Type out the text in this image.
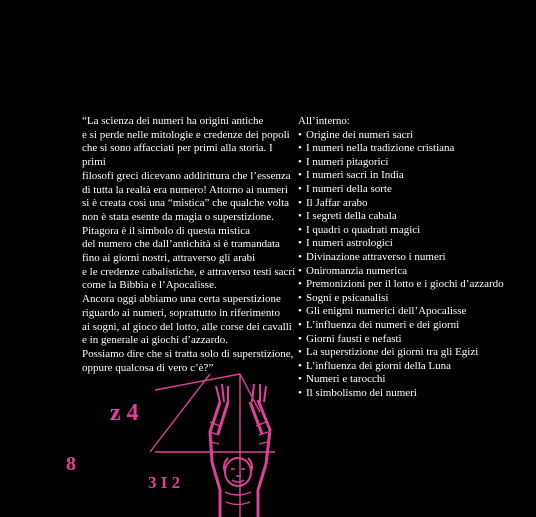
“La scienza dei numeri ha origini antiche
e si perde nelle mitologie e credenze dei popoli
che si sono affacciati per primi alla storia. I primi
filosofi greci dicevano addirittura che l’essenza
di tutta la realtà era numero! Attorno ai numeri
si è creata così una “mistica” che qualche volta
non è stata esente da magia o superstizione.
Pitagora è il simbolo di questa mistica
del numero che dall’antichità si è tramandata
fino ai giorni nostri, attraverso gli arabi
e le credenze cabalistiche, e attraverso testi sacri
come la Bibbia e l’Apocalisse.
Ancora oggi abbiamo una certa superstizione
riguardo ai numeri, soprattutto in riferimento
ai sogni, al gioco del lotto, alle corse dei cavalli
e in generale ai giochi d’azzardo.
Possiamo dire che si tratta solo di superstizione,
oppure qualcosa di vero c’è?”
All’interno:
• Origine dei numeri sacri
• I numeri nella tradizione cristiana
• I numeri pitagorici
• I numeri sacri in India
• I numeri della sorte
• Il Jaffar arabo
• I segreti della cabala
• I quadri o quadrati magici
• I numeri astrologici
• Divinazione attraverso i numeri
• Oniromanzia numerica
• Premonizioni per il lotto e i giochi d’azzardo
• Sogni e psicanalisi
• Gli enigmi numerici dell’Apocalisse
• L’influenza dei numeri e dei giorni
• Giorni fausti e nefasti
• La superstizione dei giorni tra gli Egizi
• L’influenza dei giorni della Luna
• Numeri e tarocchi
• Il simbolismo dei numeri
z 4
8
3 I 2
